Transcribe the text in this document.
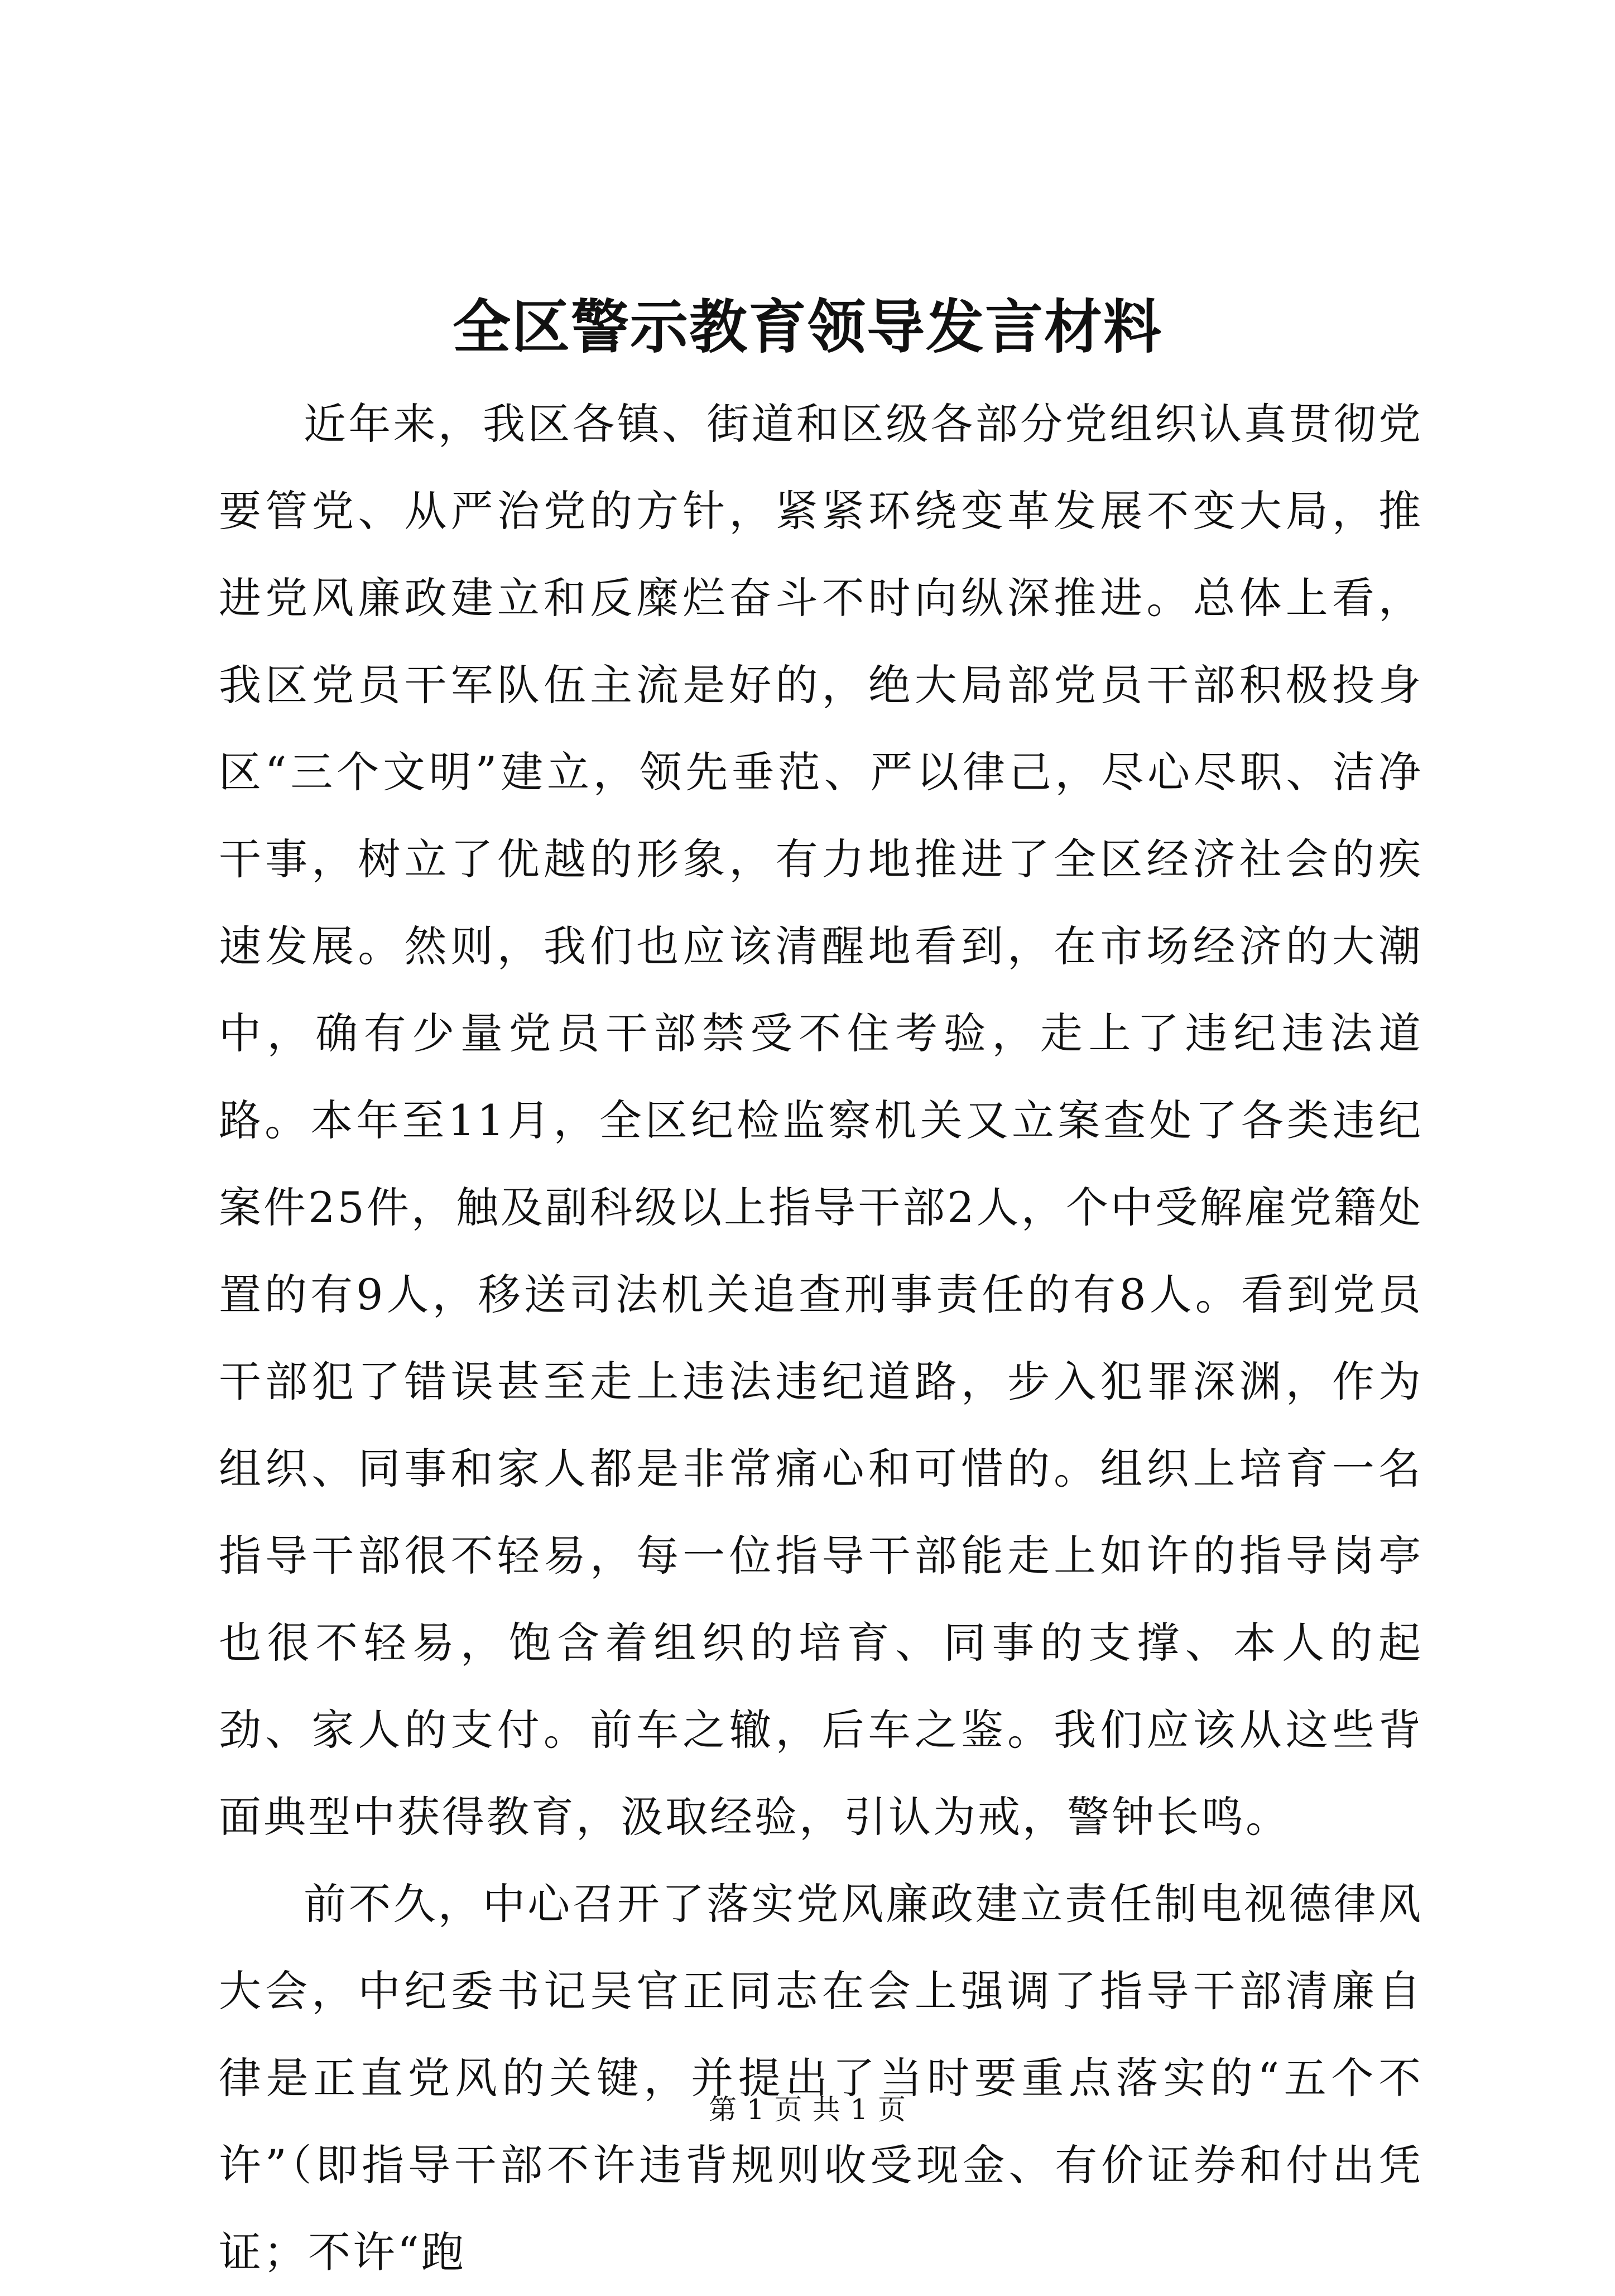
全区警示教育领导发言材料

近年来，我区各镇、街道和区级各部分党组织认真贯彻党要管党、从严治党的方针，紧紧环绕变革发展不变大局，推进党风廉政建立和反糜烂奋斗不时向纵深推进。总体上看，我区党员干军队伍主流是好的，绝大局部党员干部积极投身区“三个文明”建立，领先垂范、严以律己，尽心尽职、洁净干事，树立了优越的形象，有力地推进了全区经济社会的疾速发展。然则，我们也应该清醒地看到，在市场经济的大潮中，确有少量党员干部禁受不住考验，走上了违纪违法道路。本年至11月，全区纪检监察机关又立案查处了各类违纪案件25件，触及副科级以上指导干部2人，个中受解雇党籍处置的有9人，移送司法机关追查刑事责任的有8人。看到党员干部犯了错误甚至走上违法违纪道路，步入犯罪深渊，作为组织、同事和家人都是非常痛心和可惜的。组织上培育一名指导干部很不轻易，每一位指导干部能走上如许的指导岗亭也很不轻易，饱含着组织的培育、同事的支撑、本人的起劲、家人的支付。前车之辙，后车之鉴。我们应该从这些背面典型中获得教育，汲取经验，引认为戒，警钟长鸣。

前不久，中心召开了落实党风廉政建立责任制电视德律风大会，中纪委书记吴官正同志在会上强调了指导干部清廉自律是正直党风的关键，并提出了当时要重点落实的“五个不许”（即指导干部不许违背规则收受现金、有价证券和付出凭证；不许“跑

第 1 页 共 1 页
